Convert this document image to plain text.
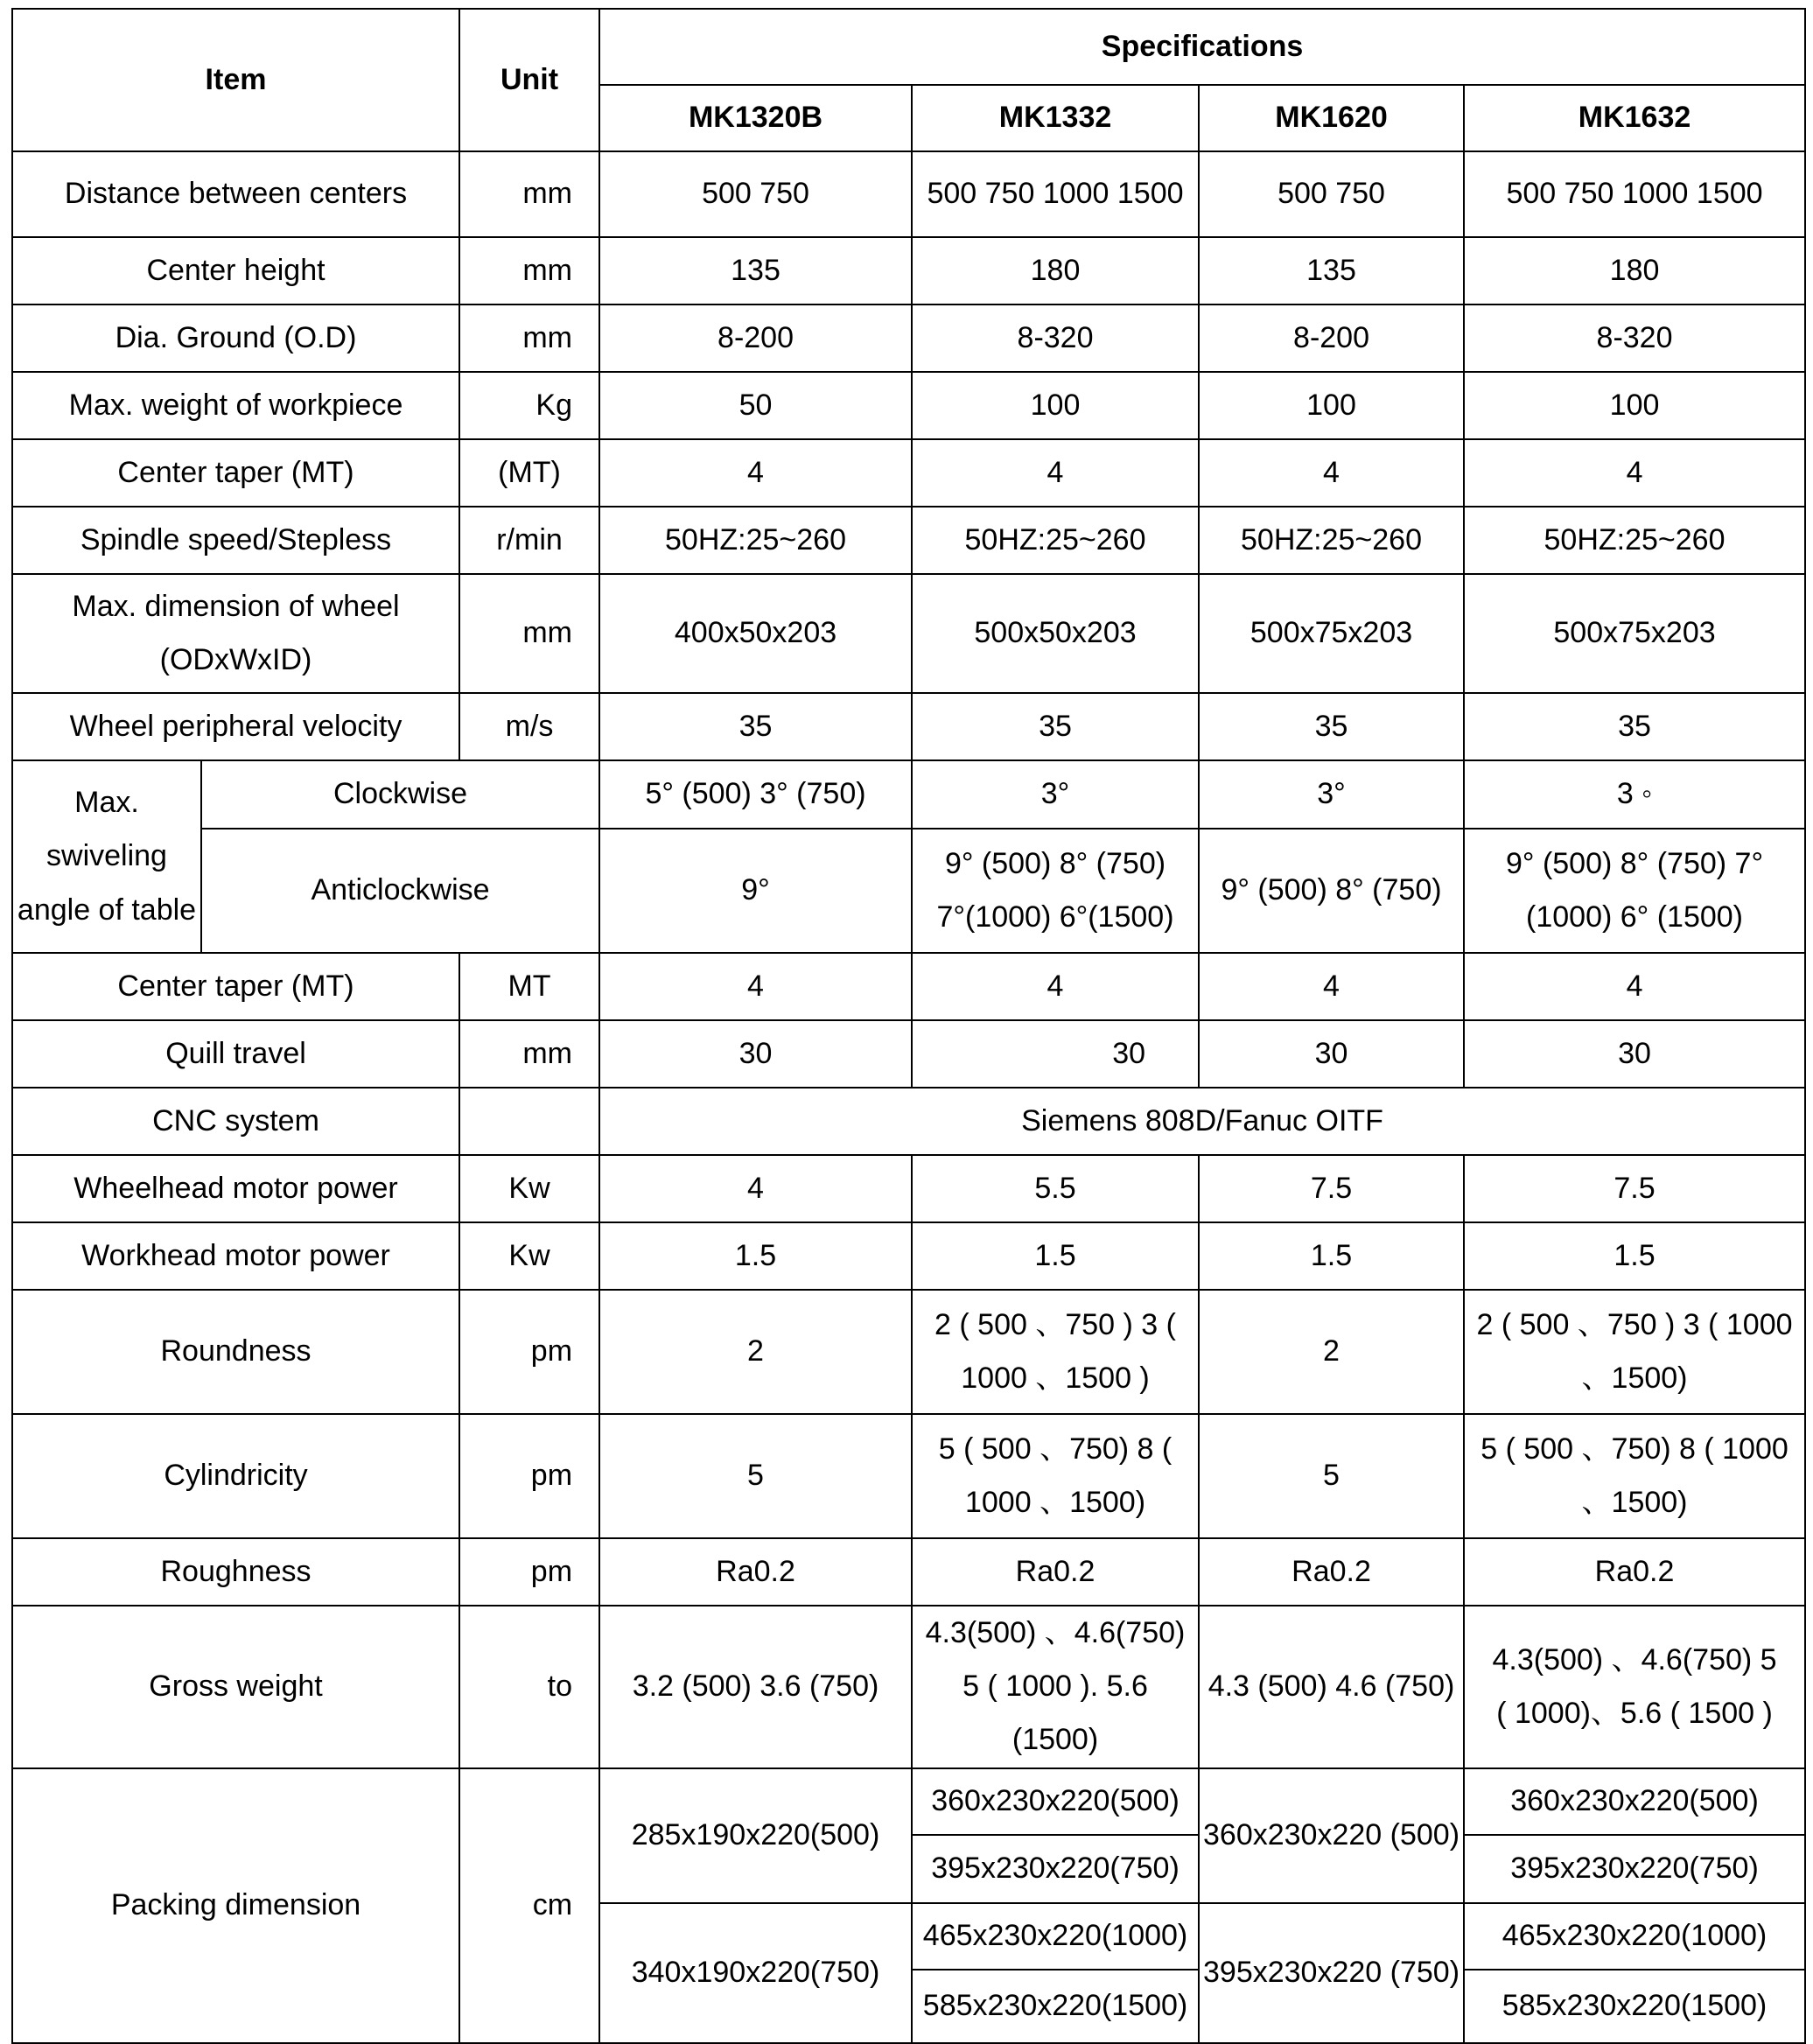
Item		Unit	Specifications			
			MK1320B	MK1332	MK1620	MK1632
Distance between centers		mm	500 750	500 750 1000 1500	500 750	500 750 1000 1500
Center height		mm	135	180	135	180
Dia. Ground (O.D)		mm	8-200	8-320	8-200	8-320
Max. weight of workpiece		Kg	50	100	100	100
Center taper (MT)		(MT)	4	4	4	4
Spindle speed/Stepless		r/min	50HZ:25~260	50HZ:25~260	50HZ:25~260	50HZ:25~260
Max. dimension of wheel (ODxWxID)		mm	400x50x203	500x50x203	500x75x203	500x75x203
Wheel peripheral velocity		m/s	35	35	35	35
Max. swiveling angle of table	Clockwise		5° (500) 3° (750)	3°	3°	3 ◦
	Anticlockwise		9°	9° (500) 8° (750) 7°(1000) 6°(1500)	9° (500) 8° (750)	9° (500) 8° (750) 7° (1000) 6° (1500)
Center taper (MT)		MT	4	4	4	4
Quill travel		mm	30	30	30	30
CNC system			Siemens 808D/Fanuc OITF			
Wheelhead motor power		Kw	4	5.5	7.5	7.5
Workhead motor power		Kw	1.5	1.5	1.5	1.5
Roundness		pm	2	2 ( 500 、750 ) 3 ( 1000 、1500 )	2	2 ( 500 、750 ) 3 ( 1000 、1500)
Cylindricity		pm	5	5 ( 500 、750) 8 ( 1000 、1500)	5	5 ( 500 、750) 8 ( 1000 、1500)
Roughness		pm	Ra0.2	Ra0.2	Ra0.2	Ra0.2
Gross weight		to	3.2 (500) 3.6 (750)	4.3(500) 、4.6(750) 5 ( 1000 ). 5.6 (1500)	4.3 (500) 4.6 (750)	4.3(500) 、4.6(750) 5 ( 1000)、5.6 ( 1500 )
Packing dimension		cm	285x190x220(500)	360x230x220(500)	360x230x220 (500)	360x230x220(500)
				395x230x220(750)		395x230x220(750)
			340x190x220(750)	465x230x220(1000)	395x230x220 (750)	465x230x220(1000)
				585x230x220(1500)		585x230x220(1500)
